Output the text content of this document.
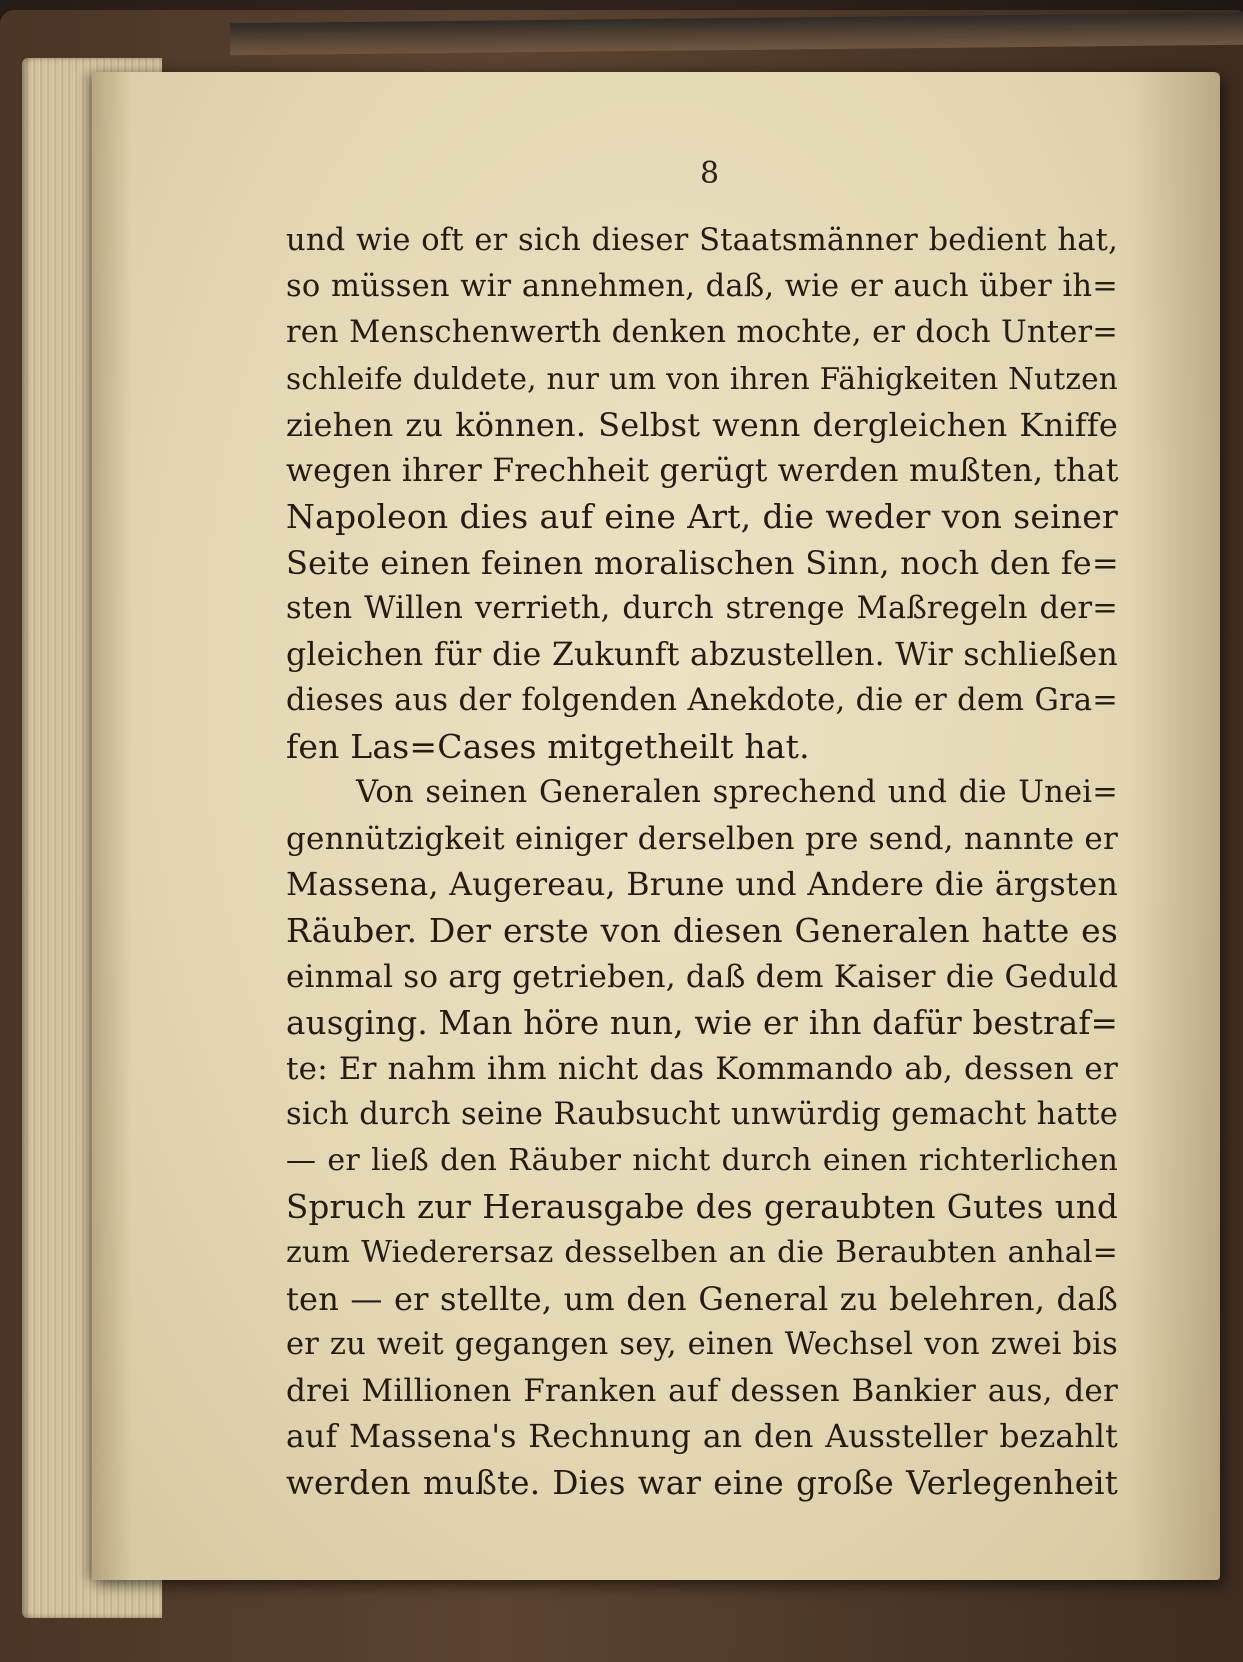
8
und wie oft er sich dieser Staatsmänner bedient hat,
so müssen wir annehmen, daß, wie er auch über ih=
ren Menschenwerth denken mochte, er doch Unter=
schleife duldete, nur um von ihren Fähigkeiten Nutzen
ziehen zu können. Selbst wenn dergleichen Kniffe
wegen ihrer Frechheit gerügt werden mußten, that
Napoleon dies auf eine Art, die weder von seiner
Seite einen feinen moralischen Sinn, noch den fe=
sten Willen verrieth, durch strenge Maßregeln der=
gleichen für die Zukunft abzustellen. Wir schließen
dieses aus der folgenden Anekdote, die er dem Gra=
fen Las=Cases mitgetheilt hat.
Von seinen Generalen sprechend und die Unei=
gennützigkeit einiger derselben pre send, nannte er
Massena, Augereau, Brune und Andere die ärgsten
Räuber. Der erste von diesen Generalen hatte es
einmal so arg getrieben, daß dem Kaiser die Geduld
ausging. Man höre nun, wie er ihn dafür bestraf=
te: Er nahm ihm nicht das Kommando ab, dessen er
sich durch seine Raubsucht unwürdig gemacht hatte
— er ließ den Räuber nicht durch einen richterlichen
Spruch zur Herausgabe des geraubten Gutes und
zum Wiederersaz desselben an die Beraubten anhal=
ten — er stellte, um den General zu belehren, daß
er zu weit gegangen sey, einen Wechsel von zwei bis
drei Millionen Franken auf dessen Bankier aus, der
auf Massena's Rechnung an den Aussteller bezahlt
werden mußte. Dies war eine große Verlegenheit
